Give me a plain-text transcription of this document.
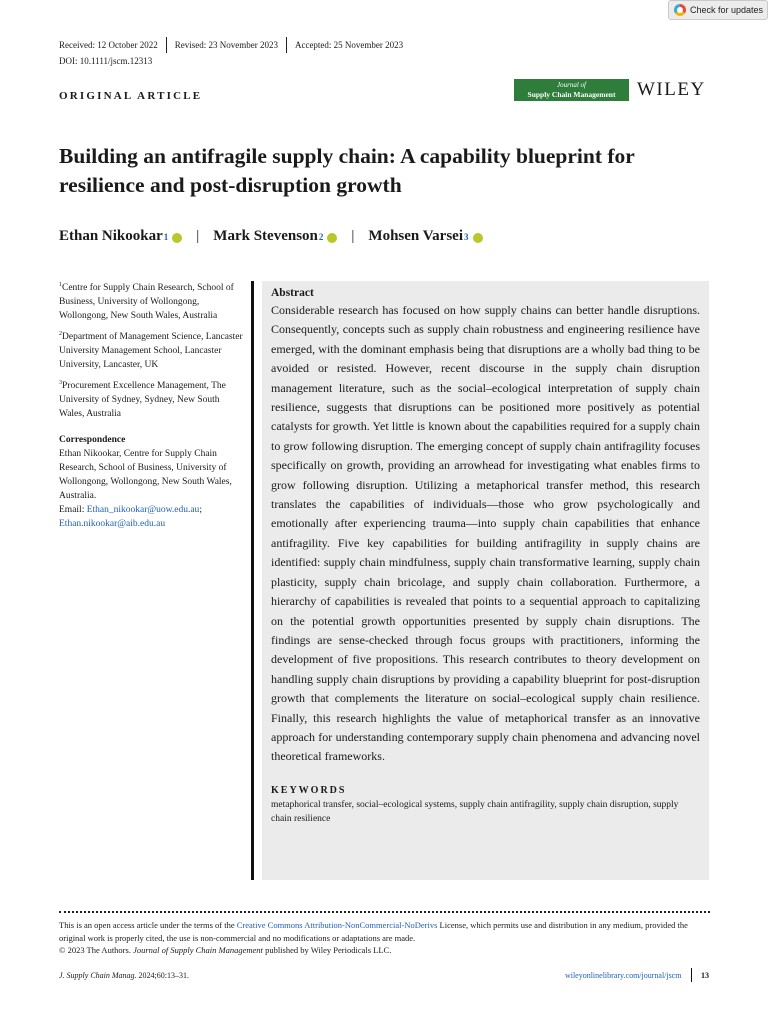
Check for updates
Received: 12 October 2022 Revised: 23 November 2023 Accepted: 25 November 2023
DOI: 10.1111/jscm.12313
ORIGINAL ARTICLE
Journal of
Supply Chain Management	WILEY
Building an antifragile supply chain: A capability blueprint for resilience and post-disruption growth
Ethan Nikookar 1 | Mark Stevenson 2 | Mohsen Varsei 3
$^1$Centre for Supply Chain Research, School of Business, University of Wollongong, Wollongong, New South Wales, Australia
$^2$Department of Management Science, Lancaster University Management School, Lancaster University, Lancaster, UK
$^3$Procurement Excellence Management, The University of Sydney, Sydney, New South Wales, Australia
Correspondence
Ethan Nikookar, Centre for Supply Chain Research, School of Business, University of Wollongong, Wollongong, New South Wales, Australia.
Email: Ethan_nikookar@uow.edu.au;
Ethan.nikookar@aib.edu.au
Abstract
Considerable research has focused on how supply chains can better handle disruptions. Consequently, concepts such as supply chain robustness and engineering resilience have emerged, with the dominant emphasis being that disruptions are a wholly bad thing to be avoided or resisted. However, recent discourse in the supply chain disruption management literature, such as the social–ecological interpretation of supply chain resilience, suggests that disruptions can be positioned more positively as potential catalysts for growth. Yet little is known about the capabilities required for a supply chain to grow following disruption. The emerging concept of supply chain antifragility focuses specifically on growth, providing an arrowhead for investigating what enables firms to grow following disruption. Utilizing a metaphorical transfer method, this research translates the capabilities of individuals—those who grow psychologically and emotionally after experiencing trauma—into supply chain capabilities that enhance antifragility. Five key capabilities for building antifragility in supply chains are identified: supply chain mindfulness, supply chain transformative learning, supply chain plasticity, supply chain bricolage, and supply chain collaboration. Furthermore, a hierarchy of capabilities is revealed that points to a sequential approach to capitalizing on the potential growth opportunities presented by supply chain disruptions. The findings are sense-checked through focus groups with practitioners, informing the development of five propositions. This research contributes to theory development on handling supply chain disruptions by providing a capability blueprint for post-disruption growth that complements the literature on social–ecological supply chain resilience. Finally, this research highlights the value of metaphorical transfer as an innovative approach for understanding contemporary supply chain phenomena and advancing novel theoretical frameworks.
KEYWORDS
metaphorical transfer, social–ecological systems, supply chain antifragility, supply chain disruption, supply chain resilience
This is an open access article under the terms of the Creative Commons Attribution-NonCommercial-NoDerivs License, which permits use and distribution in any medium, provided the original work is properly cited, the use is non-commercial and no modifications or adaptations are made.
© 2023 The Authors. Journal of Supply Chain Management published by Wiley Periodicals LLC.
J. Supply Chain Manag. 2024;60:13–31.	wileyonlinelibrary.com/journal/jscm 13
